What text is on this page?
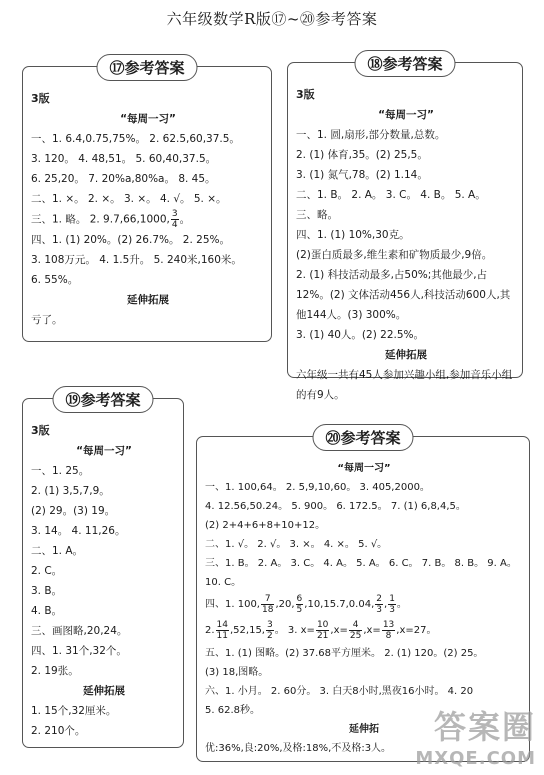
六年级数学R版⑰~⑳参考答案
⑰参考答案
3版
“每周一习”
一、1. 6.4,0.75,75%。 2. 62.5,60,37.5。
3. 120。 4. 48,51。 5. 60,40,37.5。
6. 25,20。 7. 20%a,80%a。 8. 45。
二、1. ×。 2. ×。 3. ×。 4. √。 5. ×。
三、1. 略。 2. 9.7,66,1000, $\frac{3}{4}$ 。
四、1. (1) 20%。(2) 26.7%。 2. 25%。
3. 108万元。 4. 1.5升。 5. 240米,160米。
6. 55%。
延伸拓展
亏了。
⑱参考答案
3版
“每周一习”
一、1. 圆,扇形,部分数量,总数。
2. (1) 体育,35。(2) 25,5。
3. (1) 氮气,78。(2) 1.14。
二、1. B。 2. A。 3. C。 4. B。 5. A。
三、略。
四、1. (1) 10%,30克。
(2)蛋白质最多,维生素和矿物质最少,9倍。
2. (1) 科技活动最多,占50%;其他最少,占12%。(2) 文体活动456人,科技活动600人,其他144人。(3) 300%。
3. (1) 40人。(2) 22.5%。
延伸拓展
六年级一共有45人参加兴趣小组,参加音乐小组的有9人。
⑲参考答案
3版
“每周一习”
一、1. 25。
2. (1) 3,5,7,9。
(2) 29。(3) 19。
3. 14。 4. 11,26。
二、1. A。
2. C。
3. B。
4. B。
三、画图略,20,24。
四、1. 31个,32个。
2. 19张。
延伸拓展
1. 15个,32厘米。
2. 210个。
⑳参考答案
“每周一习”
一、1. 100,64。 2. 5,9,10,60。 3. 405,2000。
4. 12.56,50.24。 5. 900。 6. 172.5。 7. (1) 6,8,4,5。
(2) 2+4+6+8+10+12。
二、1. √。 2. √。 3. ×。 4. ×。 5. √。
三、1. B。 2. A。 3. C。 4. A。 5. A。 6. C。 7. B。 8. B。 9. A。
10. C。
四、1. 100, $\frac{7}{18} ,20$, $\frac{6}{5} ,10,15.7,0.04$, $\frac{2}{3}$ , $\frac{1}{3}$ 。
2. $\frac{14}{11} ,52,15$, $\frac{3}{2}$ 。 3. $x= \frac{10}{21} ,x= \frac{4}{25} ,x= \frac{13}{8} ,x=27$。
五、1. (1) 图略。(2) 37.68平方厘米。 2. (1) 120。(2) 25。
(3) 18,图略。
六、1. 小月。 2. 60分。 3. 白天8小时,黑夜16小时。 4. 20
5. 62.8秒。
延伸拓
优:36%,良:20%,及格:18%,不及格:3人。
答案圈
MXQE.COM
